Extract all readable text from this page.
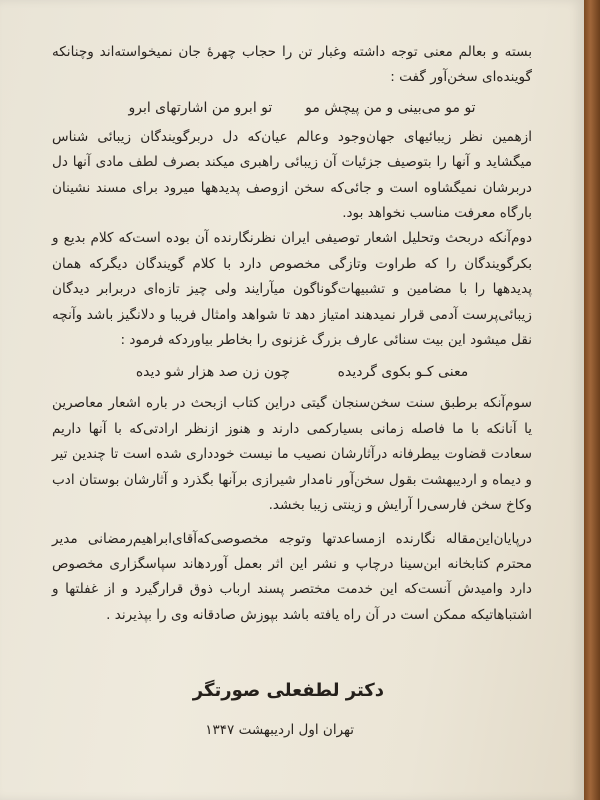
بسته و بعالم معنی توجه داشته وغبار تن را حجاب چهرهٔ جان نمیخواسته‌اند وچنانکه گوینده‌ای سخن‌آور گفت :

تو مو می‌بینی و من پیچش مو
تو ابرو من اشارتهای ابرو

ازهمین نظر زیبائیهای جهان‌وجود وعالم عیان‌که دل دربرگویندگان زیبائی‌ شناس میگشاید و آنها را بتوصیف جزئیات آن زیبائی راهبری میکند بصرف لطف مادی آنها دل دربرشان نمیگشاوه است و جائی‌که سخن ازوصف پدیدهها میرود برای مسند نشینان بارگاه معرفت مناسب نخواهد بود.

دوم‌آنکه دربحث وتحلیل اشعار توصیفی ایران نظرنگارنده آن بوده است‌که کلام بدیع و بکرگویندگان را که طراوت وتازگی مخصوص دارد با کلام گویندگان دیگرکه همان پدیدهها را با مضامین و تشبیهات‌گوناگون میآرایند ولی چیز تازه‌ای دربرابر دیدگان زیبائی‌پرست آدمی قرار نمیدهند امتیاز دهد تا شواهد وامثال فریبا و دلانگیز باشد وآنچه نقل میشود این بیت سنائی عارف بزرگ غزنوی را بخاطر بیاوردکه فرمود :

معنی کـو بکوی گردیده
چون زن صد هزار شو دیده

سوم‌آنکه برطبق سنت سخن‌سنجان گیتی دراین کتاب ازبحث در باره اشعار معاصرین یا آنانکه با ما فاصله زمانی بسیارکمی دارند و هنوز ازنظر ارادتی‌که با آنها داریم سعادت قضاوت بیطرفانه درآثارشان نصیب ما نیست خودداری شده است تا چندین تیر و دیماه و اردیبهشت بقول سخن‌آور نامدار شیرازی برآنها بگذرد و آثارشان بوستان ادب وکاخ سخن فارسی‌را آرایش و زینتی زیبا بخشد.

درپایان‌این‌مقاله نگارنده ازمساعدتها وتوجه مخصوصی‌که‌آقای‌ابراهیم‌رمضانی مدیر محترم کتابخانه ابن‌سینا درچاپ و نشر این اثر بعمل آوردهاند سپاسگزاری مخصوص دارد وامیدش آنست‌که این خدمت مختصر پسند ارباب ذوق قرارگیرد و از غفلتها و اشتباهاتیکه ممکن است در آن راه یافته باشد بپوزش صادقانه وی را بپذیرند .

دکتر لطفعلی صورتگر
تهران اول اردیبهشت ۱۳۴۷
